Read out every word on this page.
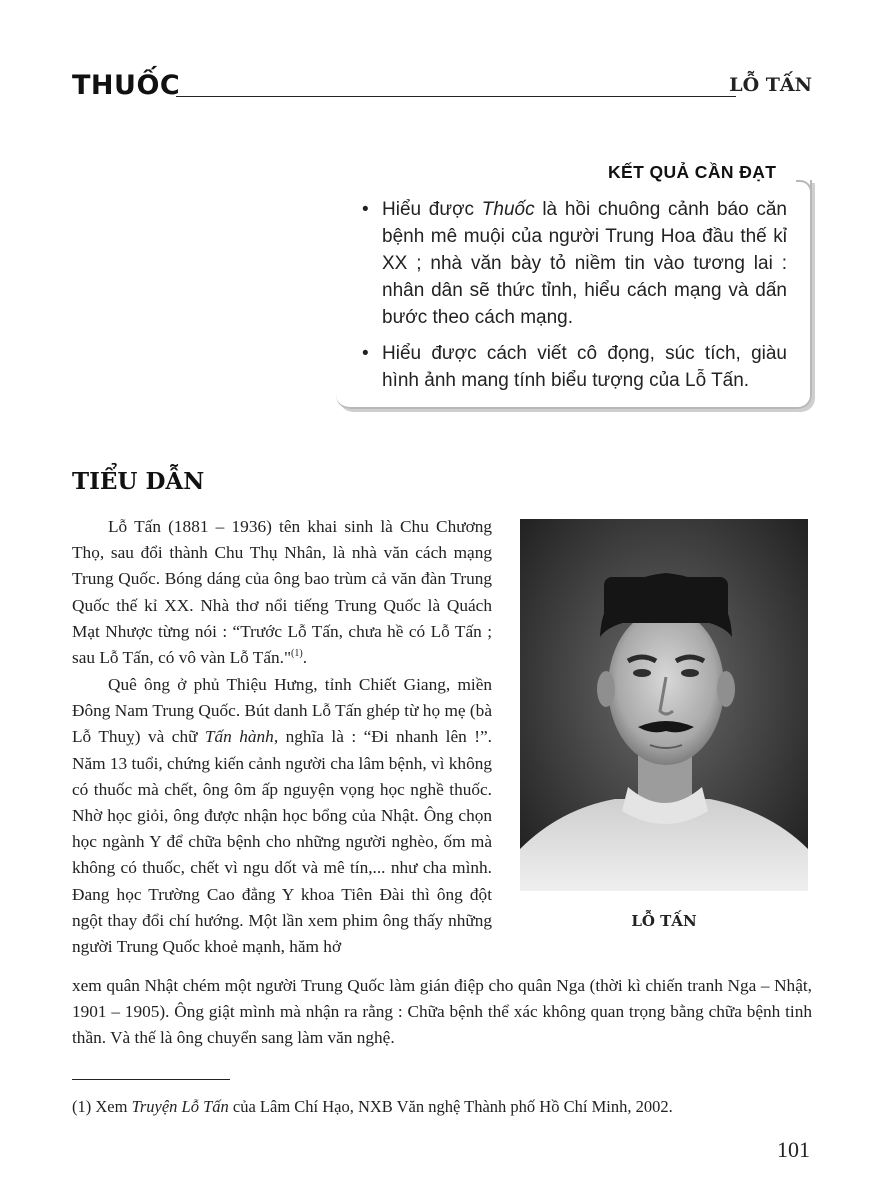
THUỐC	LỖ TẤN
KẾT QUẢ CẦN ĐẠT
• Hiểu được Thuốc là hồi chuông cảnh báo căn bệnh mê muội của người Trung Hoa đầu thế kỉ XX ; nhà văn bày tỏ niềm tin vào tương lai : nhân dân sẽ thức tỉnh, hiểu cách mạng và dấn bước theo cách mạng.
• Hiểu được cách viết cô đọng, súc tích, giàu hình ảnh mang tính biểu tượng của Lỗ Tấn.
TIỂU DẪN

Lỗ Tấn (1881 – 1936) tên khai sinh là Chu Chương Thọ, sau đổi thành Chu Thụ Nhân, là nhà văn cách mạng Trung Quốc. Bóng dáng của ông bao trùm cả văn đàn Trung Quốc thế kỉ XX. Nhà thơ nổi tiếng Trung Quốc là Quách Mạt Nhược từng nói : “Trước Lỗ Tấn, chưa hề có Lỗ Tấn ; sau Lỗ Tấn, có vô vàn Lỗ Tấn."$^{(1)}$.

Quê ông ở phủ Thiệu Hưng, tỉnh Chiết Giang, miền Đông Nam Trung Quốc. Bút danh Lỗ Tấn ghép từ họ mẹ (bà Lỗ Thuỵ) và chữ Tấn hành, nghĩa là : “Đi nhanh lên !”. Năm 13 tuổi, chứng kiến cảnh người cha lâm bệnh, vì không có thuốc mà chết, ông ôm ấp nguyện vọng học nghề thuốc. Nhờ học giỏi, ông được nhận học bổng của Nhật. Ông chọn học ngành Y để chữa bệnh cho những người nghèo, ốm mà không có thuốc, chết vì ngu dốt và mê tín,... như cha mình. Đang học Trường Cao đẳng Y khoa Tiên Đài thì ông đột ngột thay đổi chí hướng. Một lần xem phim ông thấy những người Trung Quốc khoẻ mạnh, hăm hở

xem quân Nhật chém một người Trung Quốc làm gián điệp cho quân Nga (thời kì chiến tranh Nga – Nhật, 1901 – 1905). Ông giật mình mà nhận ra rằng : Chữa bệnh thể xác không quan trọng bằng chữa bệnh tinh thần. Và thế là ông chuyển sang làm văn nghệ.

LỖ TẤN
(1) Xem Truyện Lỗ Tấn của Lâm Chí Hạo, NXB Văn nghệ Thành phố Hồ Chí Minh, 2002.
101
